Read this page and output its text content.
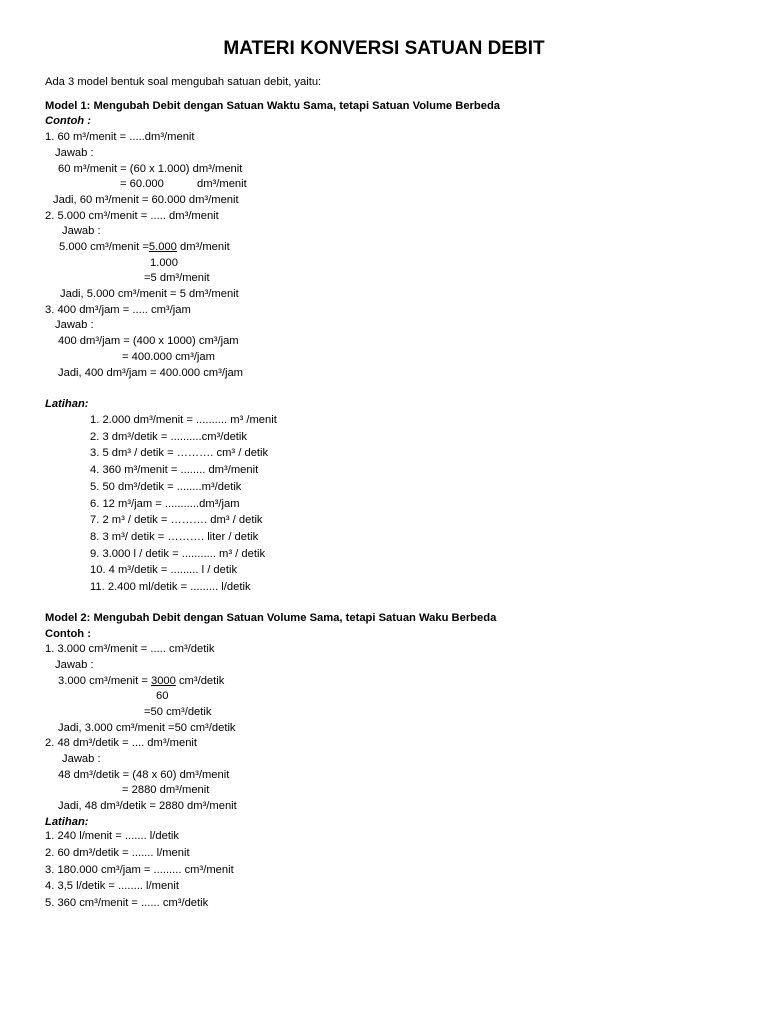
MATERI KONVERSI SATUAN DEBIT
Ada 3 model bentuk soal mengubah satuan debit, yaitu:
Model 1: Mengubah Debit dengan Satuan Waktu Sama, tetapi Satuan Volume Berbeda
Contoh :
1. 60 m³/menit = .....dm³/menit
Jawab :
60 m³/menit = (60 x 1.000) dm³/menit
= 60.000	dm³/menit
Jadi, 60 m³/menit = 60.000 dm³/menit
2. 5.000 cm³/menit = ..... dm³/menit
Jawab :
5.000 cm³/menit =5.000 dm³/menit
1.000
=5 dm³/menit
Jadi, 5.000 cm³/menit = 5 dm³/menit
3. 400 dm³/jam = ..... cm³/jam
Jawab :
400 dm³/jam = (400 x 1000) cm³/jam
= 400.000 cm³/jam
Jadi, 400 dm³/jam = 400.000 cm³/jam
Latihan:
1. 2.000 dm³/menit = .......... m³ /menit
2. 3 dm³/detik = ..........cm³/detik
3. 5 dm³ / detik = ………. cm³ / detik
4. 360 m³/menit = ........ dm³/menit
5. 50 dm³/detik = ........m³/detik
6. 12 m³/jam = ...........dm³/jam
7. 2 m³ / detik = ………. dm³ / detik
8. 3 m³/ detik = ………. liter / detik
9. 3.000 l / detik = ........... m³ / detik
10. 4 m³/detik = ......... l / detik
11. 2.400 ml/detik = ......... l/detik
Model 2: Mengubah Debit dengan Satuan Volume Sama, tetapi Satuan Waku Berbeda
Contoh :
1. 3.000 cm³/menit = ..... cm³/detik
Jawab :
3.000 cm³/menit = 3000 cm³/detik
60
=50 cm³/detik
Jadi, 3.000 cm³/menit =50 cm³/detik
2. 48 dm³/detik = .... dm³/menit
Jawab :
48 dm³/detik = (48 x 60) dm³/menit
= 2880 dm³/menit
Jadi, 48 dm³/detik = 2880 dm³/menit
Latihan:
1. 240 l/menit = ....... l/detik
2. 60 dm³/detik = ....... l/menit
3. 180.000 cm³/jam = ......... cm³/menit
4. 3,5 l/detik = ........ l/menit
5. 360 cm³/menit = ...... cm³/detik
